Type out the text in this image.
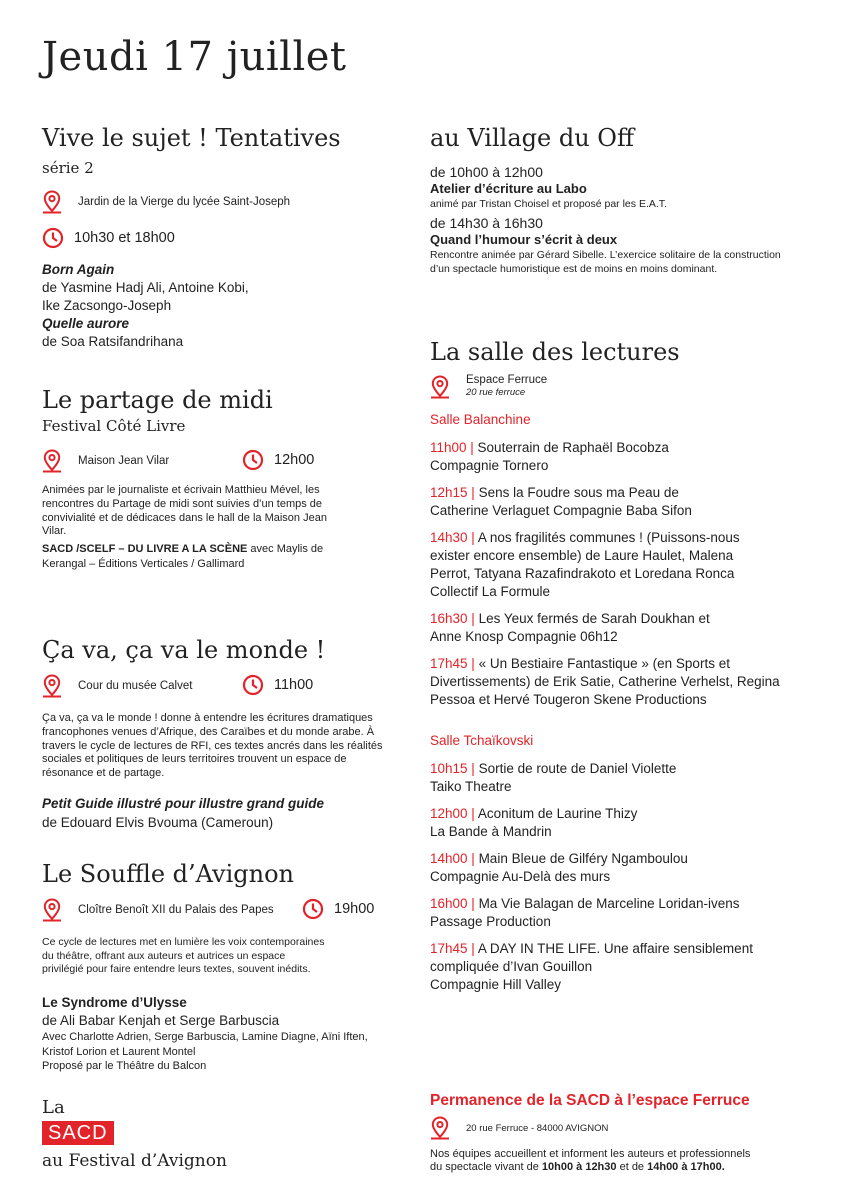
Jeudi 17 juillet
Vive le sujet ! Tentatives
série 2
Jardin de la Vierge du lycée Saint-Joseph
10h30 et 18h00
Born Again
de Yasmine Hadj Ali, Antoine Kobi,
Ike Zacsongo-Joseph
Quelle aurore
de Soa Ratsifandrihana
Le partage de midi
Festival Côté Livre
Maison Jean Vilar	12h00
Animées par le journaliste et écrivain Matthieu Mével, les
rencontres du Partage de midi sont suivies d’un temps de
convivialité et de dédicaces dans le hall de la Maison Jean
Vilar.
SACD /SCELF – DU LIVRE A LA SCÈNE avec Maylis de
Kerangal – Éditions Verticales / Gallimard
Ça va, ça va le monde !
Cour du musée Calvet	11h00
Ça va, ça va le monde ! donne à entendre les écritures dramatiques
francophones venues d’Afrique, des Caraïbes et du monde arabe. À
travers le cycle de lectures de RFI, ces textes ancrés dans les réalités
sociales et politiques de leurs territoires trouvent un espace de
résonance et de partage.
Petit Guide illustré pour illustre grand guide
de Edouard Elvis Bvouma (Cameroun)
Le Souffle d’Avignon
Cloître Benoît XII du Palais des Papes	19h00
Ce cycle de lectures met en lumière les voix contemporaines
du théâtre, offrant aux auteurs et autrices un espace
privilégié pour faire entendre leurs textes, souvent inédits.
Le Syndrome d’Ulysse
de Ali Babar Kenjah et Serge Barbuscia
Avec Charlotte Adrien, Serge Barbuscia, Lamine Diagne, Aïni Iften,
Kristof Lorion et Laurent Montel
Proposé par le Théâtre du Balcon
La
SACD
au Festival d’Avignon
au Village du Off
de 10h00 à 12h00
Atelier d’écriture au Labo
animé par Tristan Choisel et proposé par les E.A.T.
de 14h30 à 16h30
Quand l’humour s’écrit à deux
Rencontre animée par Gérard Sibelle. L’exercice solitaire de la construction
d’un spectacle humoristique est de moins en moins dominant.
La salle des lectures
Espace Ferruce
20 rue ferruce
Salle Balanchine
11h00 | Souterrain de Raphaël Bocobza
Compagnie Tornero
12h15 | Sens la Foudre sous ma Peau de
Catherine Verlaguet Compagnie Baba Sifon
14h30 | A nos fragilités communes ! (Puissons-nous
exister encore ensemble) de Laure Haulet, Malena
Perrot, Tatyana Razafindrakoto et Loredana Ronca
Collectif La Formule
16h30 | Les Yeux fermés de Sarah Doukhan et
Anne Knosp Compagnie 06h12
17h45 | « Un Bestiaire Fantastique » (en Sports et
Divertissements) de Erik Satie, Catherine Verhelst, Regina
Pessoa et Hervé Tougeron Skene Productions
Salle Tchaïkovski
10h15 | Sortie de route de Daniel Violette
Taiko Theatre
12h00 | Aconitum de Laurine Thizy
La Bande à Mandrin
14h00 | Main Bleue de Gilféry Ngamboulou
Compagnie Au-Delà des murs
16h00 | Ma Vie Balagan de Marceline Loridan-ivens
Passage Production
17h45 | A DAY IN THE LIFE. Une affaire sensiblement
compliquée d’Ivan Gouillon
Compagnie Hill Valley
Permanence de la SACD à l’espace Ferruce
20 rue Ferruce - 84000 AVIGNON
Nos équipes accueillent et informent les auteurs et professionnels
du spectacle vivant de 10h00 à 12h30 et de 14h00 à 17h00.
